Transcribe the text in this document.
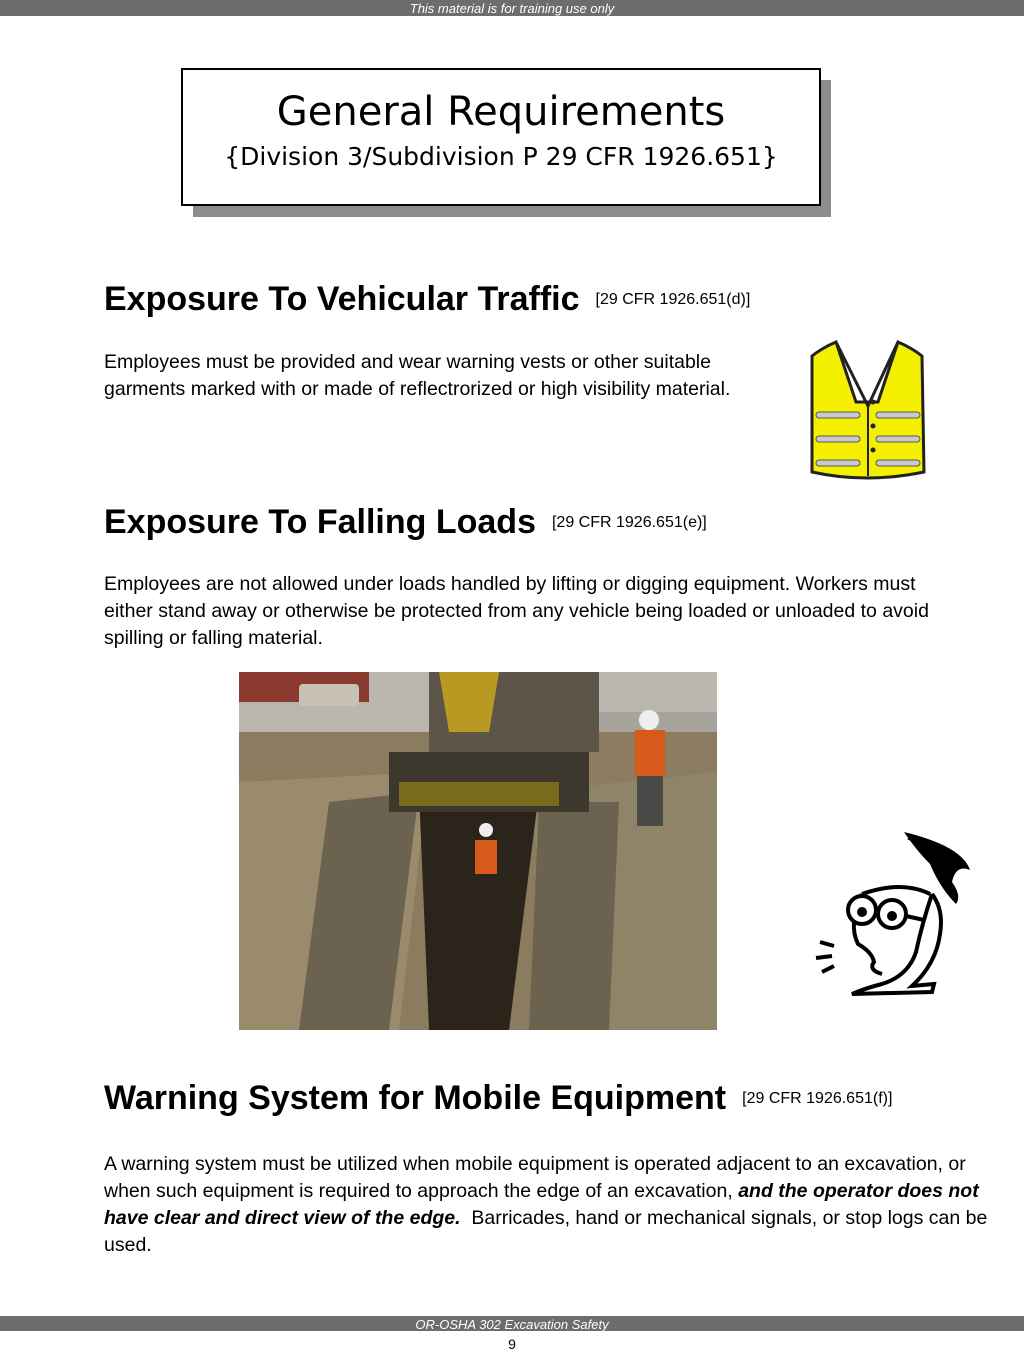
This material is for training use only
General Requirements
{Division 3/Subdivision P 29 CFR 1926.651}
Exposure To Vehicular Traffic [29 CFR 1926.651(d)]

Employees must be provided and wear warning vests or other suitable garments marked with or made of reflectrorized or high visibility material.

Exposure To Falling Loads [29 CFR 1926.651(e)]

Employees are not allowed under loads handled by lifting or digging equipment. Workers must either stand away or otherwise be protected from any vehicle being loaded or unloaded to avoid spilling or falling material.

Warning System for Mobile Equipment [29 CFR 1926.651(f)]

A warning system must be utilized when mobile equipment is operated adjacent to an excavation, or when such equipment is required to approach the edge of an excavation, and the operator does not have clear and direct view of the edge. Barricades, hand or mechanical signals, or stop logs can be used.

OR-OSHA 302 Excavation Safety
9
